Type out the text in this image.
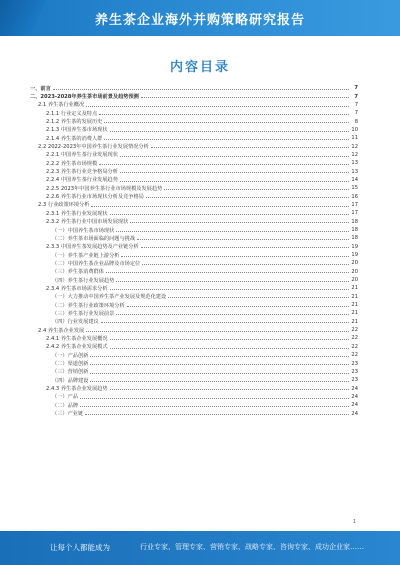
养生茶企业海外并购策略研究报告
内容目录
一、前言	7
二、2023-2028年养生茶市场前景及趋势预测	7
2.1 养生茶行业概况	7
2.1.1 行业定义及特点	7
2.1.2 养生茶的发展历史	8
2.1.3 中国养生茶市场现状	10
2.1.4 养生茶的消费人群	11
2.2 2022-2023年中国养生茶行业发展情况分析	12
2.2.1 中国养生茶行业发展现状	12
2.2.2 养生茶市场规模	13
2.2.3 养生茶行业竞争格局分析	13
2.2.4 中国养生茶行业发展趋势	14
2.2.5 2023年中国养生茶行业市场规模及发展趋势	15
2.2.6 养生茶行业市场现状分析及竞争格局	16
2.3 行业政策环境分析	17
2.3.1 养生茶行业发展现状	17
2.3.2 养生茶行业中国市场发展现状	18
（一）中国养生茶市场现状	18
（二）养生茶市场面临的问题与挑战	18
2.3.3 中国养生茶发展趋势及产业链分析	19
（一）养生茶产业链上游分析	19
（二）中国养生茶企业品牌及市场定位	20
（三）养生茶消费群体	20
（四）养生茶行业发展趋势	20
2.3.4 养生茶市场需求分析	21
（一）大力推动中国养生茶产业发展及规范化建设	21
（二）养生茶行业政策环境分析	21
（三）养生茶行业发展前景	21
（四）行业发展建议	21
2.4 养生茶企业发展	22
2.4.1 养生茶企业发展概况	22
2.4.2 养生茶企业发展模式	22
（一）产品创新	22
（二）渠道创新	23
（三）营销创新	23
（四）品牌建设	23
2.4.3 养生茶企业发展趋势	24
（一）产品	24
（二）品牌	24
（三）产业链	24
1
让每个人都能成为	行业专家、管理专家、营销专家、战略专家、咨询专家、成功企业家……
